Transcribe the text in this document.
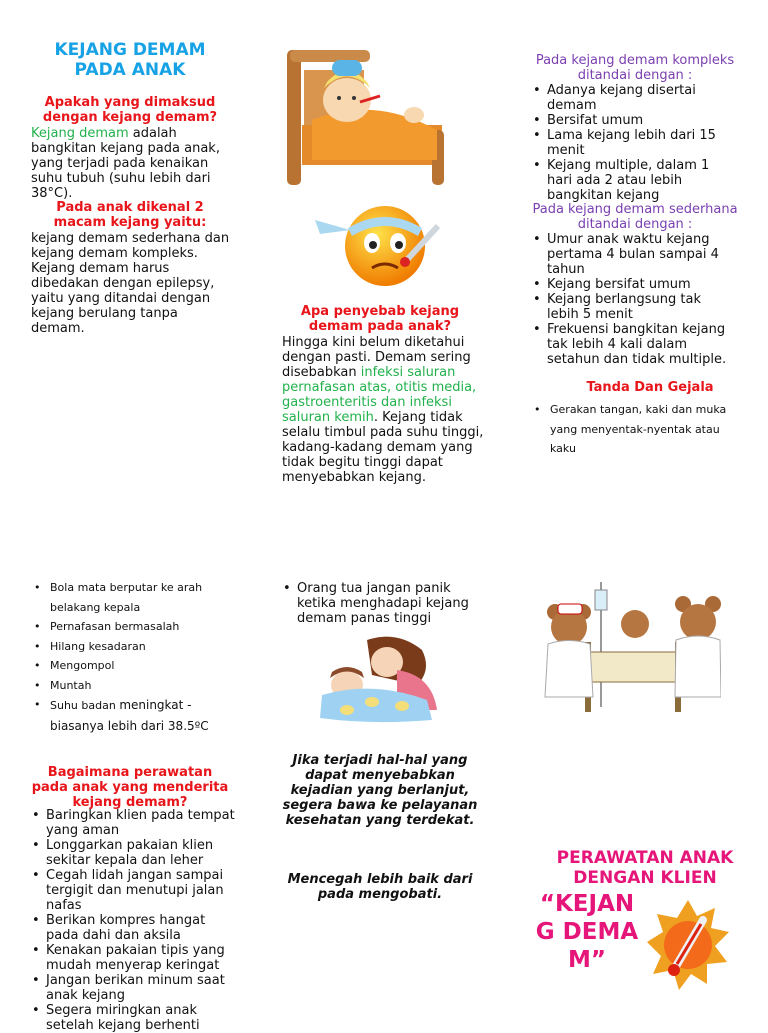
KEJANG DEMAM PADA ANAK
Apakah yang dimaksud dengan kejang demam?
Kejang demam adalah bangkitan kejang pada anak, yang terjadi pada kenaikan suhu tubuh (suhu lebih dari 38°C).
Pada anak dikenal 2 macam kejang yaitu:
kejang demam sederhana dan kejang demam kompleks. Kejang demam harus dibedakan dengan epilepsy, yaitu yang ditandai dengan kejang berulang tanpa demam.
Apa penyebab kejang demam pada anak?
Hingga kini belum diketahui dengan pasti. Demam sering disebabkan infeksi saluran pernafasan atas, otitis media, gastroenteritis dan infeksi saluran kemih. Kejang tidak selalu timbul pada suhu tinggi, kadang-kadang demam yang tidak begitu tinggi dapat menyebabkan kejang.
Pada kejang demam kompleks ditandai dengan :
• Adanya kejang disertai demam
• Bersifat umum
• Lama kejang lebih dari 15 menit
• Kejang multiple, dalam 1 hari ada 2 atau lebih bangkitan kejang
Pada kejang demam sederhana ditandai dengan :
• Umur anak waktu kejang pertama 4 bulan sampai 4 tahun
• Kejang bersifat umum
• Kejang berlangsung tak lebih 5 menit
• Frekuensi bangkitan kejang tak lebih 4 kali dalam setahun dan tidak multiple.
Tanda Dan Gejala
• Gerakan tangan, kaki dan muka yang menyentak-nyentak atau kaku
• Bola mata berputar ke arah belakang kepala
• Pernafasan bermasalah
• Hilang kesadaran
• Mengompol
• Muntah
• Suhu badan meningkat - biasanya lebih dari 38.5ºC
Bagaimana perawatan pada anak yang menderita kejang demam?
• Baringkan klien pada tempat yang aman
• Longgarkan pakaian klien sekitar kepala dan leher
• Cegah lidah jangan sampai tergigit dan menutupi jalan nafas
• Berikan kompres hangat pada dahi dan aksila
• Kenakan pakaian tipis yang mudah menyerap keringat
• Jangan berikan minum saat anak kejang
• Segera miringkan anak setelah kejang berhenti
• Orang tua jangan panik ketika menghadapi kejang demam panas tinggi
Jika terjadi hal-hal yang dapat menyebabkan kejadian yang berlanjut, segera bawa ke pelayanan kesehatan yang terdekat.
Mencegah lebih baik dari pada mengobati.
PERAWATAN ANAK DENGAN KLIEN
“KEJANG DEMAM”
